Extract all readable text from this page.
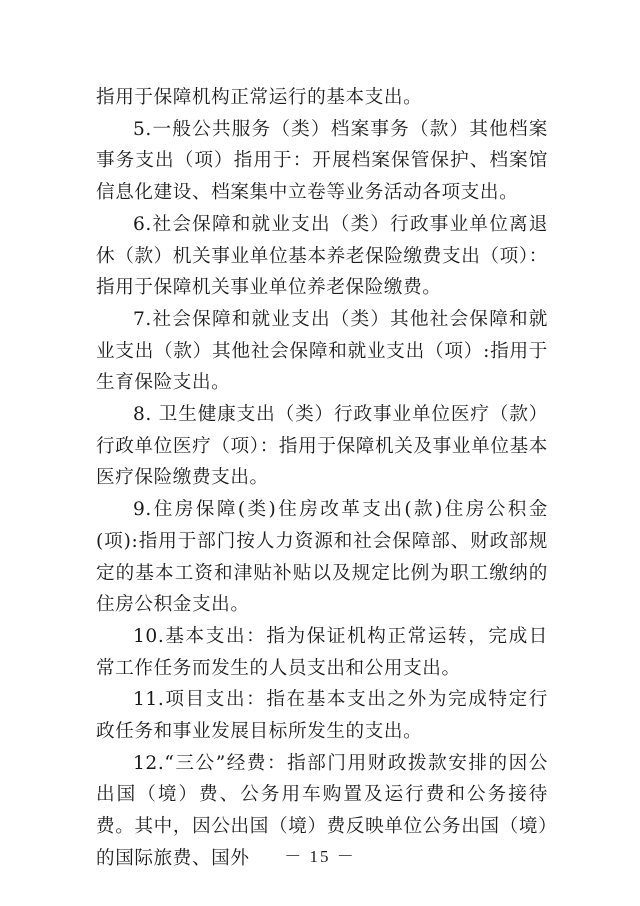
指用于保障机构正常运行的基本支出。

5.一般公共服务（类）档案事务（款）其他档案事务支出（项）指用于：开展档案保管保护、档案馆信息化建设、档案集中立卷等业务活动各项支出。

6.社会保障和就业支出（类）行政事业单位离退休（款）机关事业单位基本养老保险缴费支出（项）：指用于保障机关事业单位养老保险缴费。

7.社会保障和就业支出（类）其他社会保障和就业支出（款）其他社会保障和就业支出（项）:指用于生育保险支出。

8. 卫生健康支出（类）行政事业单位医疗（款）行政单位医疗（项）：指用于保障机关及事业单位基本医疗保险缴费支出。

9.住房保障(类)住房改革支出(款)住房公积金(项):指用于部门按人力资源和社会保障部、财政部规定的基本工资和津贴补贴以及规定比例为职工缴纳的住房公积金支出。

10.基本支出：指为保证机构正常运转，完成日常工作任务而发生的人员支出和公用支出。

11.项目支出：指在基本支出之外为完成特定行政任务和事业发展目标所发生的支出。

12.“三公”经费：指部门用财政拨款安排的因公出国（境）费、公务用车购置及运行费和公务接待费。其中，因公出国（境）费反映单位公务出国（境）的国际旅费、国外	－ 15 －
